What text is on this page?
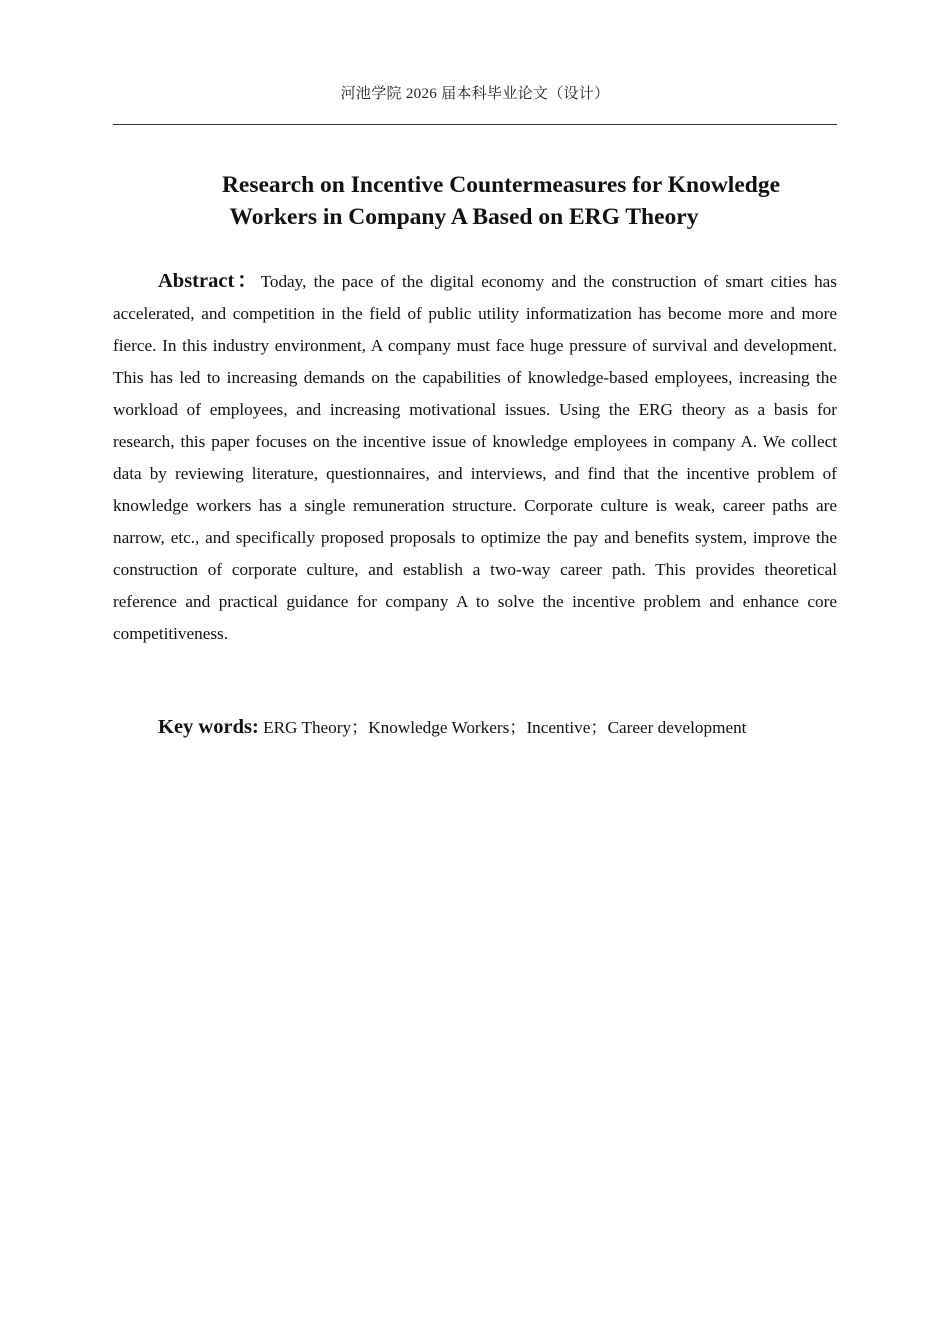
河池学院 2026 届本科毕业论文（设计）
Research on Incentive Countermeasures for Knowledge
Workers in Company A Based on ERG Theory

Abstract：Today, the pace of the digital economy and the construction of smart cities has accelerated, and competition in the field of public utility informatization has become more and more fierce. In this industry environment, A company must face huge pressure of survival and development. This has led to increasing demands on the capabilities of knowledge-based employees, increasing the workload of employees, and increasing motivational issues. Using the ERG theory as a basis for research, this paper focuses on the incentive issue of knowledge employees in company A. We collect data by reviewing literature, questionnaires, and interviews, and find that the incentive problem of knowledge workers has a single remuneration structure. Corporate culture is weak, career paths are narrow, etc., and specifically proposed proposals to optimize the pay and benefits system, improve the construction of corporate culture, and establish a two-way career path. This provides theoretical reference and practical guidance for company A to solve the incentive problem and enhance core competitiveness.

Key words: ERG Theory；Knowledge Workers；Incentive；Career development
